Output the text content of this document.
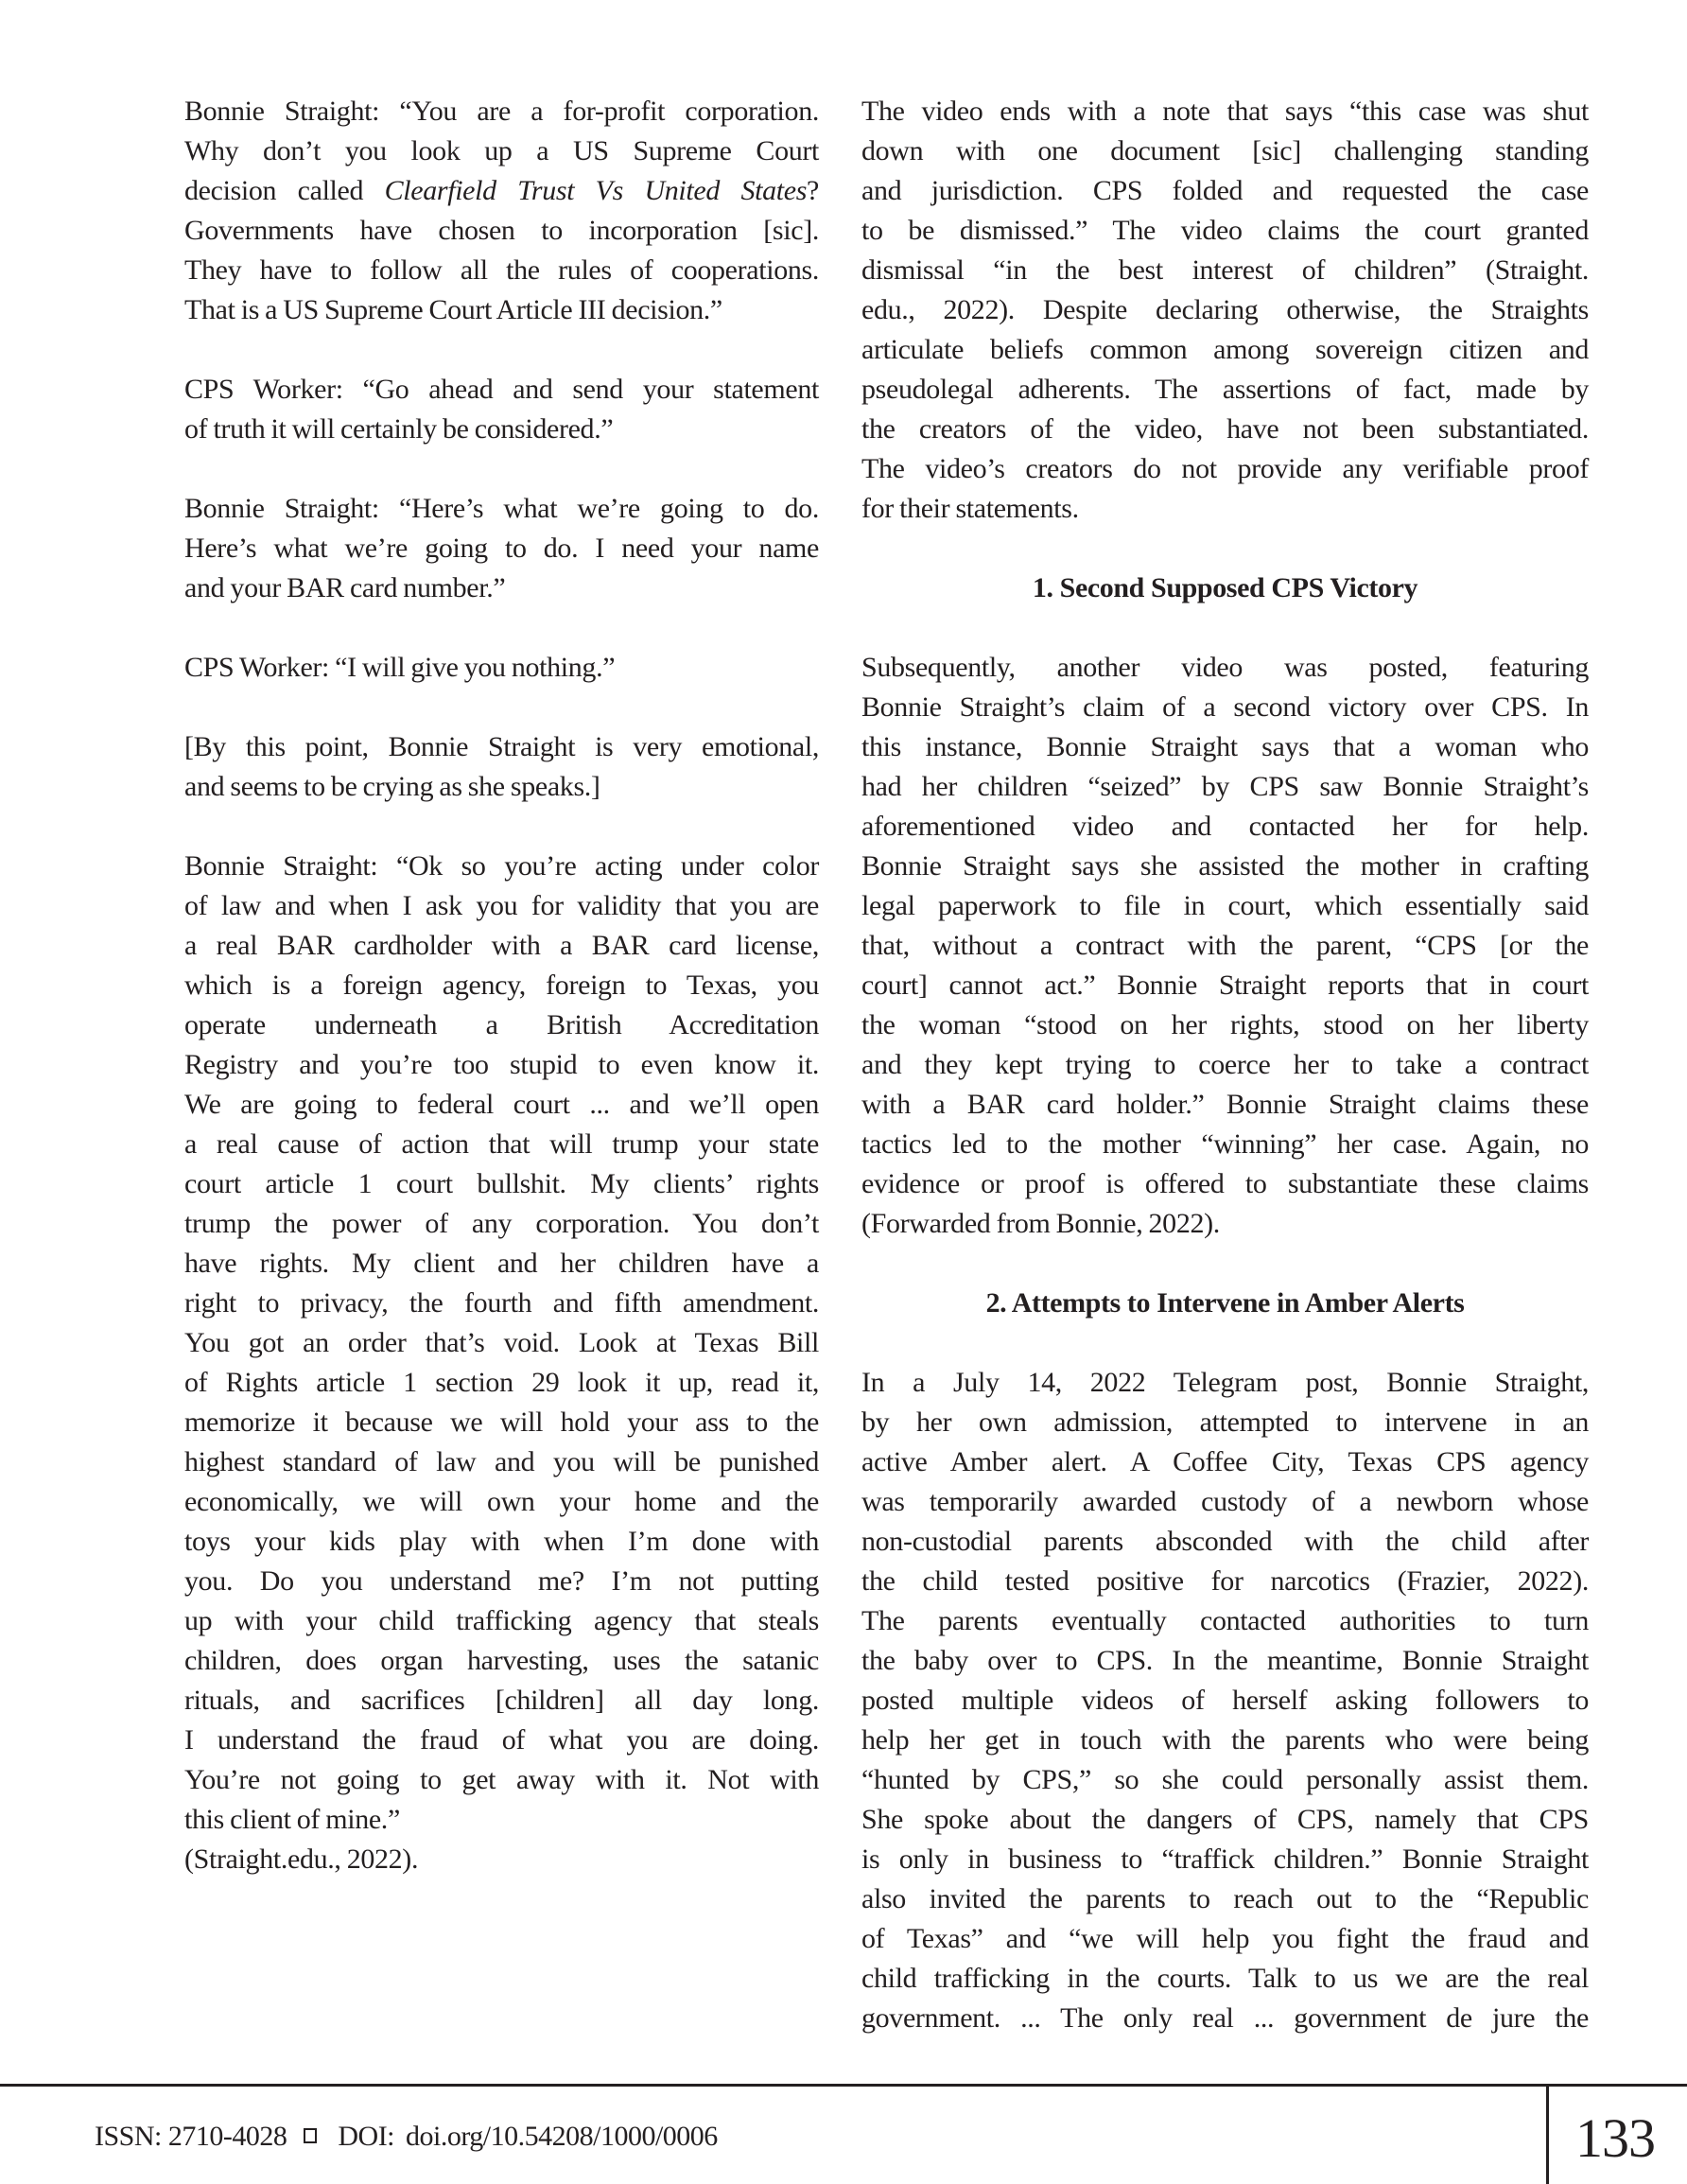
Bonnie Straight: “You are a for-profit corporation.
Why don’t you look up a US Supreme Court
decision called Clearfield Trust Vs United States?
Governments have chosen to incorporation [sic].
They have to follow all the rules of cooperations.
That is a US Supreme Court Article III decision.”
CPS Worker: “Go ahead and send your statement
of truth it will certainly be considered.”
Bonnie Straight: “Here’s what we’re going to do.
Here’s what we’re going to do. I need your name
and your BAR card number.”
CPS Worker: “I will give you nothing.”
[By this point, Bonnie Straight is very emotional,
and seems to be crying as she speaks.]
Bonnie Straight: “Ok so you’re acting under color
of law and when I ask you for validity that you are
a real BAR cardholder with a BAR card license,
which is a foreign agency, foreign to Texas, you
operate underneath a British Accreditation
Registry and you’re too stupid to even know it.
We are going to federal court ... and we’ll open
a real cause of action that will trump your state
court article 1 court bullshit. My clients’ rights
trump the power of any corporation. You don’t
have rights. My client and her children have a
right to privacy, the fourth and fifth amendment.
You got an order that’s void. Look at Texas Bill
of Rights article 1 section 29 look it up, read it,
memorize it because we will hold your ass to the
highest standard of law and you will be punished
economically, we will own your home and the
toys your kids play with when I’m done with
you. Do you understand me? I’m not putting
up with your child trafficking agency that steals
children, does organ harvesting, uses the satanic
rituals, and sacrifices [children] all day long.
I understand the fraud of what you are doing.
You’re not going to get away with it. Not with
this client of mine.”
(Straight.edu., 2022).
The video ends with a note that says “this case was shut
down with one document [sic] challenging standing
and jurisdiction. CPS folded and requested the case
to be dismissed.” The video claims the court granted
dismissal “in the best interest of children” (Straight.
edu., 2022). Despite declaring otherwise, the Straights
articulate beliefs common among sovereign citizen and
pseudolegal adherents. The assertions of fact, made by
the creators of the video, have not been substantiated.
The video’s creators do not provide any verifiable proof
for their statements.
1. Second Supposed CPS Victory
Subsequently, another video was posted, featuring
Bonnie Straight’s claim of a second victory over CPS. In
this instance, Bonnie Straight says that a woman who
had her children “seized” by CPS saw Bonnie Straight’s
aforementioned video and contacted her for help.
Bonnie Straight says she assisted the mother in crafting
legal paperwork to file in court, which essentially said
that, without a contract with the parent, “CPS [or the
court] cannot act.” Bonnie Straight reports that in court
the woman “stood on her rights, stood on her liberty
and they kept trying to coerce her to take a contract
with a BAR card holder.” Bonnie Straight claims these
tactics led to the mother “winning” her case. Again, no
evidence or proof is offered to substantiate these claims
(Forwarded from Bonnie, 2022).
2. Attempts to Intervene in Amber Alerts
In a July 14, 2022 Telegram post, Bonnie Straight,
by her own admission, attempted to intervene in an
active Amber alert. A Coffee City, Texas CPS agency
was temporarily awarded custody of a newborn whose
non-custodial parents absconded with the child after
the child tested positive for narcotics (Frazier, 2022).
The parents eventually contacted authorities to turn
the baby over to CPS. In the meantime, Bonnie Straight
posted multiple videos of herself asking followers to
help her get in touch with the parents who were being
“hunted by CPS,” so she could personally assist them.
She spoke about the dangers of CPS, namely that CPS
is only in business to “traffick children.” Bonnie Straight
also invited the parents to reach out to the “Republic
of Texas” and “we will help you fight the fraud and
child trafficking in the courts. Talk to us we are the real
government. ... The only real ... government de jure the
ISSN: 2710-4028 DOI: doi.org/10.54208/1000/0006	133
